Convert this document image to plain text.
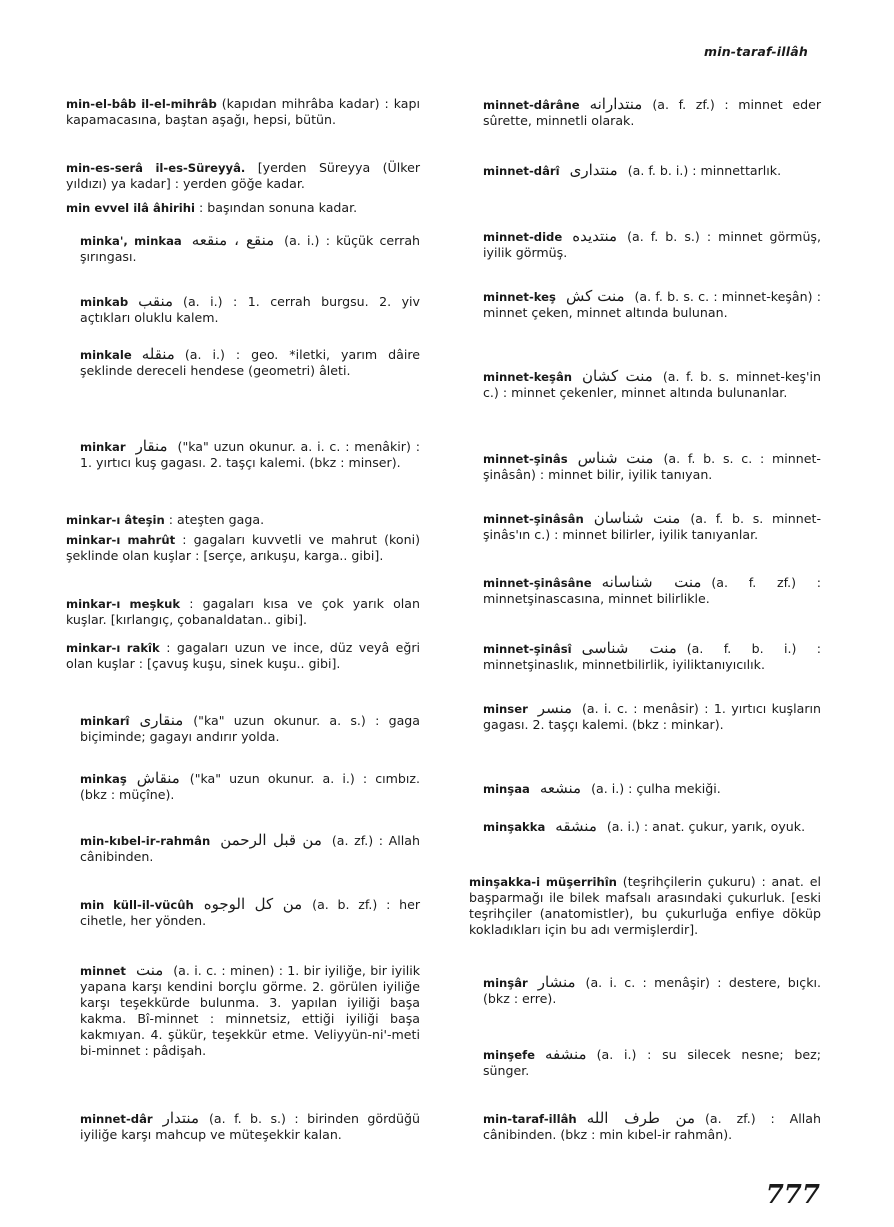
min-taraf-illâh

min-el-bâb il-el-mihrâb (kapıdan mihrâba kadar) : kapı kapamacasına, baştan aşağı, hepsi, bütün.

min-es-serâ il-es-Süreyyâ. [yerden Süreyya (Ülker yıldızı) ya kadar] : yerden göğe kadar.

min evvel ilâ âhirihi : başından sonuna kadar.

minka', minkaa منقع ، منقعه (a. i.) : küçük cerrah şırıngası.

minkab منقب (a. i.) : 1. cerrah burgsu. 2. yiv açtıkları oluklu kalem.

minkale منقله (a. i.) : geo. *iletki, yarım dâire şeklinde dereceli hendese (geometri) âleti.

minkar منقار ("ka" uzun okunur. a. i. c. : menâkir) : 1. yırtıcı kuş gagası. 2. taşçı kalemi. (bkz : minser).

minkar-ı âteşin : ateşten gaga.

minkar-ı mahrût : gagaları kuvvetli ve mahrut (koni) şeklinde olan kuşlar : [serçe, arıkuşu, karga.. gibi].

minkar-ı meşkuk : gagaları kısa ve çok yarık olan kuşlar. [kırlangıç, çobanaldatan.. gibi].

minkar-ı rakîk : gagaları uzun ve ince, düz veyâ eğri olan kuşlar : [çavuş kuşu, sinek kuşu.. gibi].

minkarî منقارى ("ka" uzun okunur. a. s.) : gaga biçiminde; gagayı andırır yolda.

minkaş منقاش ("ka" uzun okunur. a. i.) : cımbız. (bkz : müçîne).

min-kıbel-ir-rahmân من قبل الرحمن (a. zf.) : Allah cânibinden.

min küll-il-vücûh من كل الوجوه (a. b. zf.) : her cihetle, her yönden.

minnet منت (a. i. c. : minen) : 1. bir iyiliğe, bir iyilik yapana karşı kendini borçlu görme. 2. görülen iyiliğe karşı teşekkürde bulunma. 3. yapılan iyiliği başa kakma. Bî-minnet : minnetsiz, ettiği iyiliği başa kakmıyan. 4. şükür, teşekkür etme. Veliyyün-ni'-meti bi-minnet : pâdişah.

minnet-dâr منتدار (a. f. b. s.) : birinden gördüğü iyiliğe karşı mahcup ve müteşekkir kalan.

minnet-dârâne منتدارانه (a. f. zf.) : minnet eder sûrette, minnetli olarak.

minnet-dârî منتدارى (a. f. b. i.) : minnettarlık.

minnet-dide منتديده (a. f. b. s.) : minnet görmüş, iyilik görmüş.

minnet-keş منت كش (a. f. b. s. c. : minnet-keşân) : minnet çeken, minnet altında bulunan.

minnet-keşân منت كشان (a. f. b. s. minnet-keş'in c.) : minnet çekenler, minnet altında bulunanlar.

minnet-şinâs منت شناس (a. f. b. s. c. : minnet-şinâsân) : minnet bilir, iyilik tanıyan.

minnet-şinâsân منت شناسان (a. f. b. s. minnet-şinâs'ın c.) : minnet bilirler, iyilik tanıyanlar.

minnet-şinâsâne منت شناسانه (a. f. zf.) : minnetşinascasına, minnet bilirlikle.

minnet-şinâsî منت شناسى (a. f. b. i.) : minnetşinaslık, minnetbilirlik, iyiliktanıyıcılık.

minser منسر (a. i. c. : menâsir) : 1. yırtıcı kuşların gagası. 2. taşçı kalemi. (bkz : minkar).

minşaa منشعه (a. i.) : çulha mekiği.

minşakka منشقه (a. i.) : anat. çukur, yarık, oyuk.

minşakka-i müşerrihîn (teşrihçilerin çukuru) : anat. el başparmağı ile bilek mafsalı arasındaki çukurluk. [eski teşrihçiler (anatomistler), bu çukurluğa enfiye döküp kokladıkları için bu adı vermişlerdir].

minşâr منشار (a. i. c. : menâşir) : destere, bıçkı. (bkz : erre).

minşefe منشفه (a. i.) : su silecek nesne; bez; sünger.

min-taraf-illâh من طرف الله (a. zf.) : Allah cânibinden. (bkz : min kıbel-ir rahmân).

777
